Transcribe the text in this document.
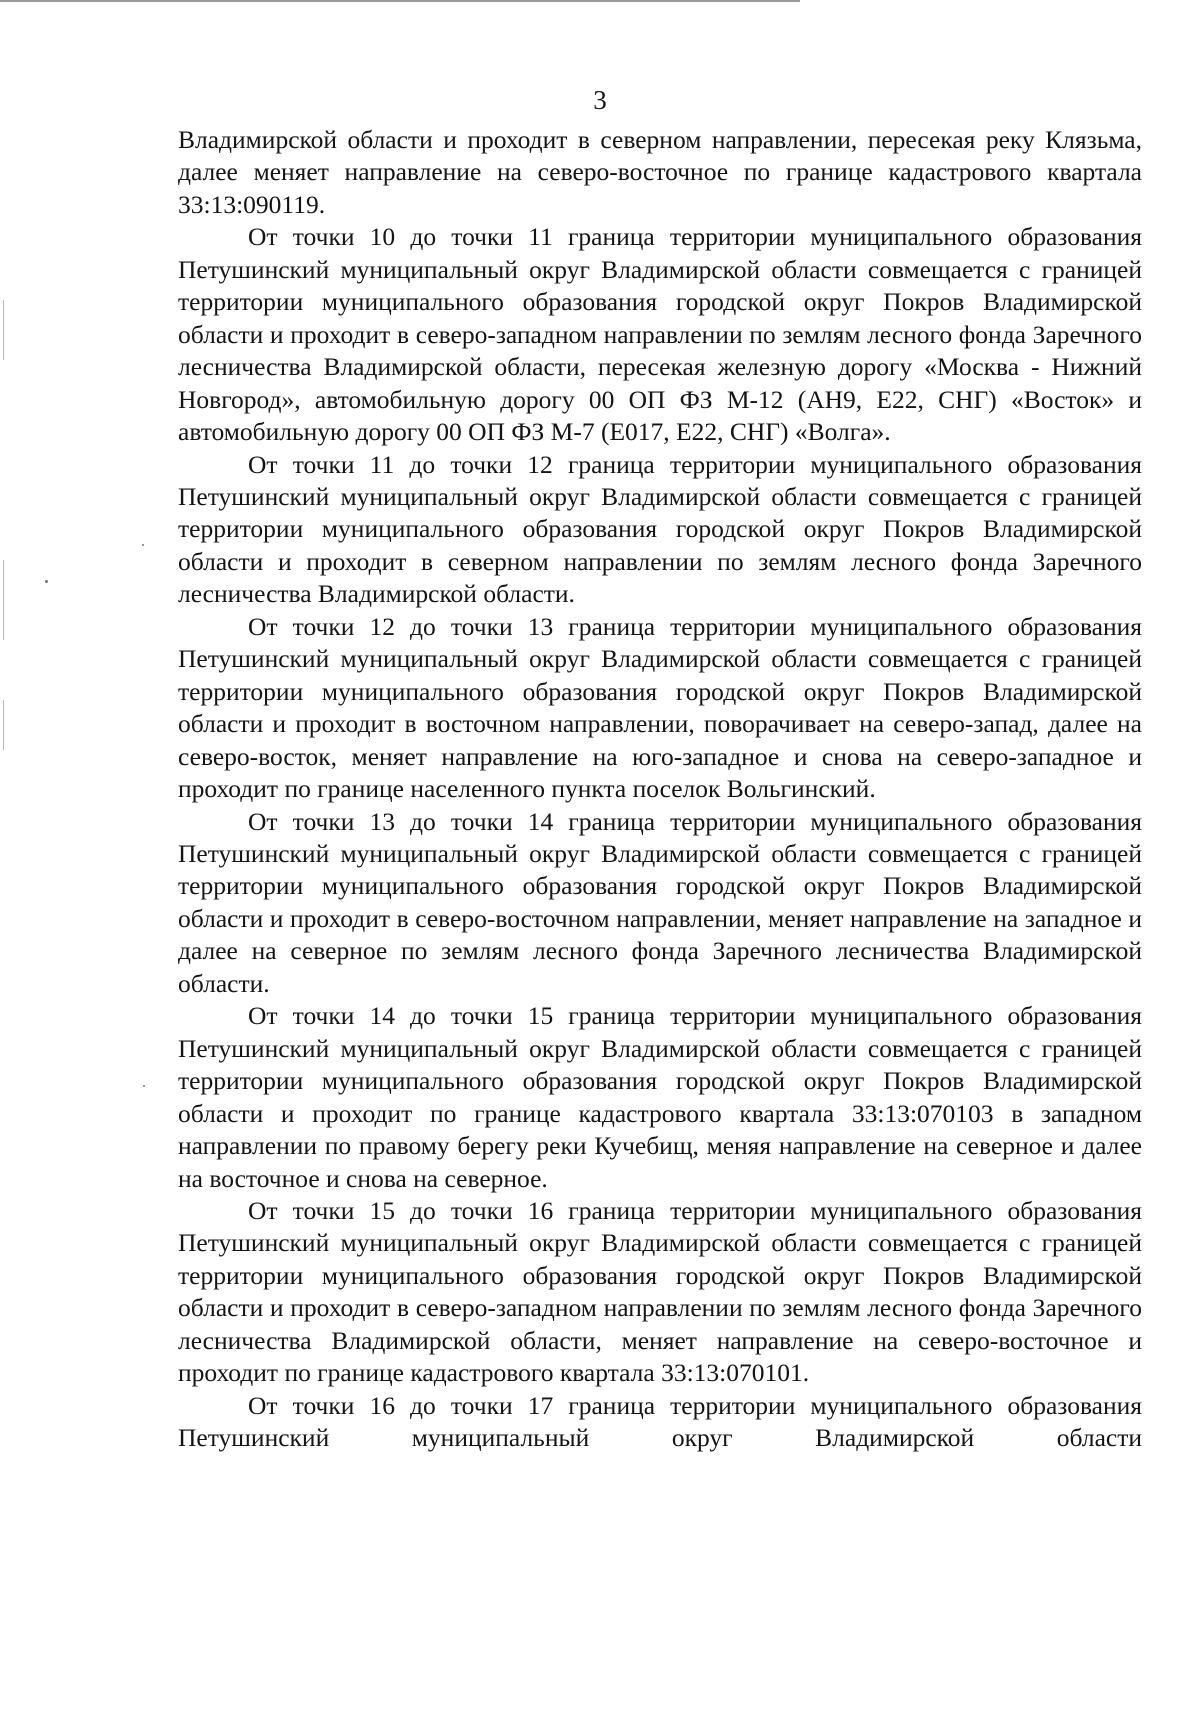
3

Владимирской области и проходит в северном направлении, пересекая реку Клязьма, далее меняет направление на северо-восточное по границе кадастрового квартала 33:13:090119.

От точки 10 до точки 11 граница территории муниципального образования Петушинский муниципальный округ Владимирской области совмещается с границей территории муниципального образования городской округ Покров Владимирской области и проходит в северо-западном направлении по землям лесного фонда Заречного лесничества Владимирской области, пересекая железную дорогу «Москва - Нижний Новгород», автомобильную дорогу 00 ОП ФЗ М-12 (АН9, Е22, СНГ) «Восток» и автомобильную дорогу 00 ОП ФЗ М-7 (Е017, Е22, СНГ) «Волга».

От точки 11 до точки 12 граница территории муниципального образования Петушинский муниципальный округ Владимирской области совмещается с границей территории муниципального образования городской округ Покров Владимирской области и проходит в северном направлении по землям лесного фонда Заречного лесничества Владимирской области.

От точки 12 до точки 13 граница территории муниципального образования Петушинский муниципальный округ Владимирской области совмещается с границей территории муниципального образования городской округ Покров Владимирской области и проходит в восточном направлении, поворачивает на северо-запад, далее на северо-восток, меняет направление на юго-западное и снова на северо-западное и проходит по границе населенного пункта поселок Вольгинский.

От точки 13 до точки 14 граница территории муниципального образования Петушинский муниципальный округ Владимирской области совмещается с границей территории муниципального образования городской округ Покров Владимирской области и проходит в северо-восточном направлении, меняет направление на западное и далее на северное по землям лесного фонда Заречного лесничества Владимирской области.

От точки 14 до точки 15 граница территории муниципального образования Петушинский муниципальный округ Владимирской области совмещается с границей территории муниципального образования городской округ Покров Владимирской области и проходит по границе кадастрового квартала 33:13:070103 в западном направлении по правому берегу реки Кучебищ, меняя направление на северное и далее на восточное и снова на северное.

От точки 15 до точки 16 граница территории муниципального образования Петушинский муниципальный округ Владимирской области совмещается с границей территории муниципального образования городской округ Покров Владимирской области и проходит в северо-западном направлении по землям лесного фонда Заречного лесничества Владимирской области, меняет направление на северо-восточное и проходит по границе кадастрового квартала 33:13:070101.

От точки 16 до точки 17 граница территории муниципального образования Петушинский муниципальный округ Владимирской области
